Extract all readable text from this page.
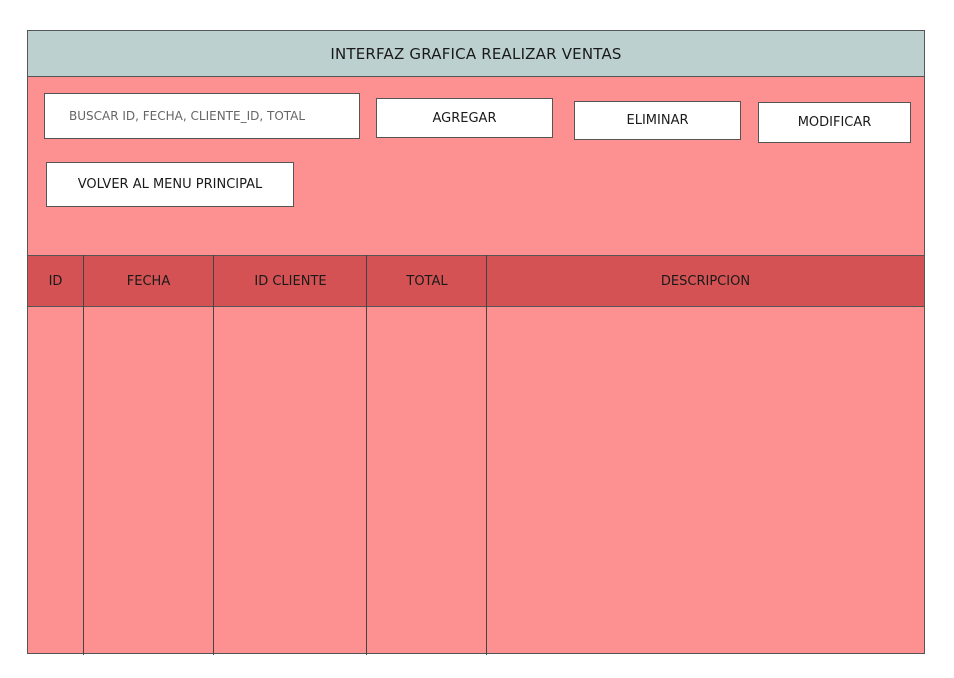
INTERFAZ GRAFICA REALIZAR VENTAS
BUSCAR ID, FECHA, CLIENTE_ID, TOTAL	AGREGAR	ELIMINAR	MODIFICAR
VOLVER AL MENU PRINCIPAL
ID	FECHA	ID CLIENTE	TOTAL	DESCRIPCION
